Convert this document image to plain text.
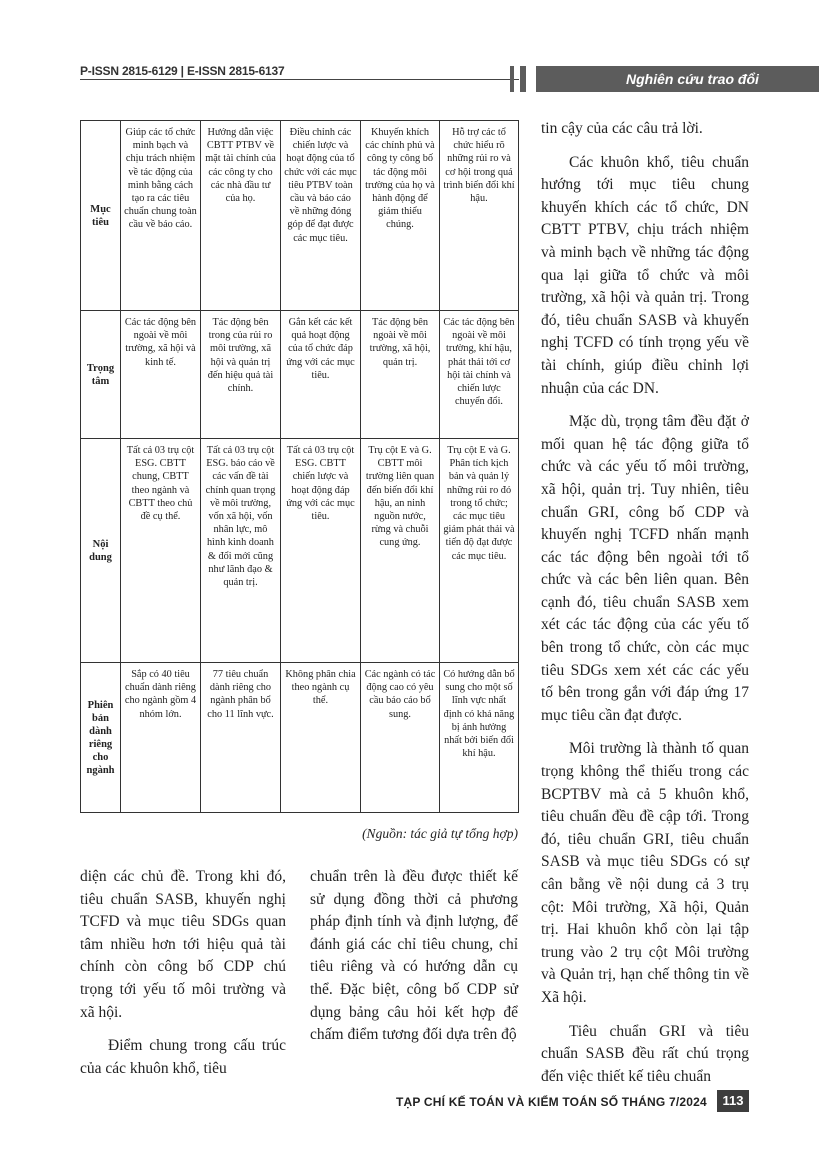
P-ISSN 2815-6129 | E-ISSN 2815-6137	Nghiên cứu trao đổi
Mục tiêu	Giúp các tổ chức minh bạch và chịu trách nhiệm về tác động của mình bằng cách tạo ra các tiêu chuẩn chung toàn cầu về báo cáo.	Hướng dẫn việc CBTT PTBV về mặt tài chính của các công ty cho các nhà đầu tư của họ.	Điều chỉnh các chiến lược và hoạt động của tổ chức với các mục tiêu PTBV toàn cầu và báo cáo về những đóng góp để đạt được các mục tiêu.	Khuyến khích các chính phủ và công ty công bố tác động môi trường của họ và hành động để giảm thiểu chúng.	Hỗ trợ các tổ chức hiểu rõ những rủi ro và cơ hội trong quá trình biến đổi khí hậu.
Trọng tâm	Các tác động bên ngoài về môi trường, xã hội và kinh tế.	Tác động bên trong của rủi ro môi trường, xã hội và quản trị đến hiệu quả tài chính.	Gắn kết các kết quả hoạt động của tổ chức đáp ứng với các mục tiêu.	Tác động bên ngoài về môi trường, xã hội, quản trị.	Các tác động bên ngoài về môi trường, khí hậu, phát thải tới cơ hội tài chính và chiến lược chuyển đổi.
Nội dung	Tất cả 03 trụ cột ESG. CBTT chung, CBTT theo ngành và CBTT theo chủ đề cụ thể.	Tất cả 03 trụ cột ESG. báo cáo về các vấn đề tài chính quan trọng về môi trường, vốn xã hội, vốn nhân lực, mô hình kinh doanh & đổi mới cũng như lãnh đạo & quản trị.	Tất cả 03 trụ cột ESG. CBTT chiến lược và hoạt động đáp ứng với các mục tiêu.	Trụ cột E và G. CBTT môi trường liên quan đến biến đổi khí hậu, an ninh nguồn nước, rừng và chuỗi cung ứng.	Trụ cột E và G. Phân tích kịch bản và quản lý những rủi ro đó trong tổ chức; các mục tiêu giảm phát thải và tiến độ đạt được các mục tiêu.
Phiên bản dành riêng cho ngành	Sắp có 40 tiêu chuẩn dành riêng cho ngành gồm 4 nhóm lớn.	77 tiêu chuẩn dành riêng cho ngành phân bổ cho 11 lĩnh vực.	Không phân chia theo ngành cụ thể.	Các ngành có tác động cao có yêu cầu báo cáo bổ sung.	Có hướng dẫn bổ sung cho một số lĩnh vực nhất định có khả năng bị ảnh hưởng nhất bởi biến đổi khí hậu.
(Nguồn: tác giả tự tổng hợp)

diện các chủ đề. Trong khi đó, tiêu chuẩn SASB, khuyến nghị TCFD và mục tiêu SDGs quan tâm nhiều hơn tới hiệu quả tài chính còn công bố CDP chú trọng tới yếu tố môi trường và xã hội.

Điểm chung trong cấu trúc của các khuôn khổ, tiêu

chuẩn trên là đều được thiết kế sử dụng đồng thời cả phương pháp định tính và định lượng, để đánh giá các chỉ tiêu chung, chỉ tiêu riêng và có hướng dẫn cụ thể. Đặc biệt, công bố CDP sử dụng bảng câu hỏi kết hợp để chấm điểm tương đối dựa trên độ

tin cậy của các câu trả lời.

Các khuôn khổ, tiêu chuẩn hướng tới mục tiêu chung khuyến khích các tổ chức, DN CBTT PTBV, chịu trách nhiệm và minh bạch về những tác động qua lại giữa tổ chức và môi trường, xã hội và quản trị. Trong đó, tiêu chuẩn SASB và khuyến nghị TCFD có tính trọng yếu về tài chính, giúp điều chỉnh lợi nhuận của các DN.

Mặc dù, trọng tâm đều đặt ở mối quan hệ tác động giữa tổ chức và các yếu tố môi trường, xã hội, quản trị. Tuy nhiên, tiêu chuẩn GRI, công bố CDP và khuyến nghị TCFD nhấn mạnh các tác động bên ngoài tới tổ chức và các bên liên quan. Bên cạnh đó, tiêu chuẩn SASB xem xét các tác động của các yếu tố bên trong tổ chức, còn các mục tiêu SDGs xem xét các các yếu tố bên trong gắn với đáp ứng 17 mục tiêu cần đạt được.

Môi trường là thành tố quan trọng không thể thiếu trong các BCPTBV mà cả 5 khuôn khổ, tiêu chuẩn đều đề cập tới. Trong đó, tiêu chuẩn GRI, tiêu chuẩn SASB và mục tiêu SDGs có sự cân bằng về nội dung cả 3 trụ cột: Môi trường, Xã hội, Quản trị. Hai khuôn khổ còn lại tập trung vào 2 trụ cột Môi trường và Quản trị, hạn chế thông tin về Xã hội.

Tiêu chuẩn GRI và tiêu chuẩn SASB đều rất chú trọng đến việc thiết kế tiêu chuẩn

TẠP CHÍ KẾ TOÁN VÀ KIỂM TOÁN SỐ THÁNG 7/2024	113
